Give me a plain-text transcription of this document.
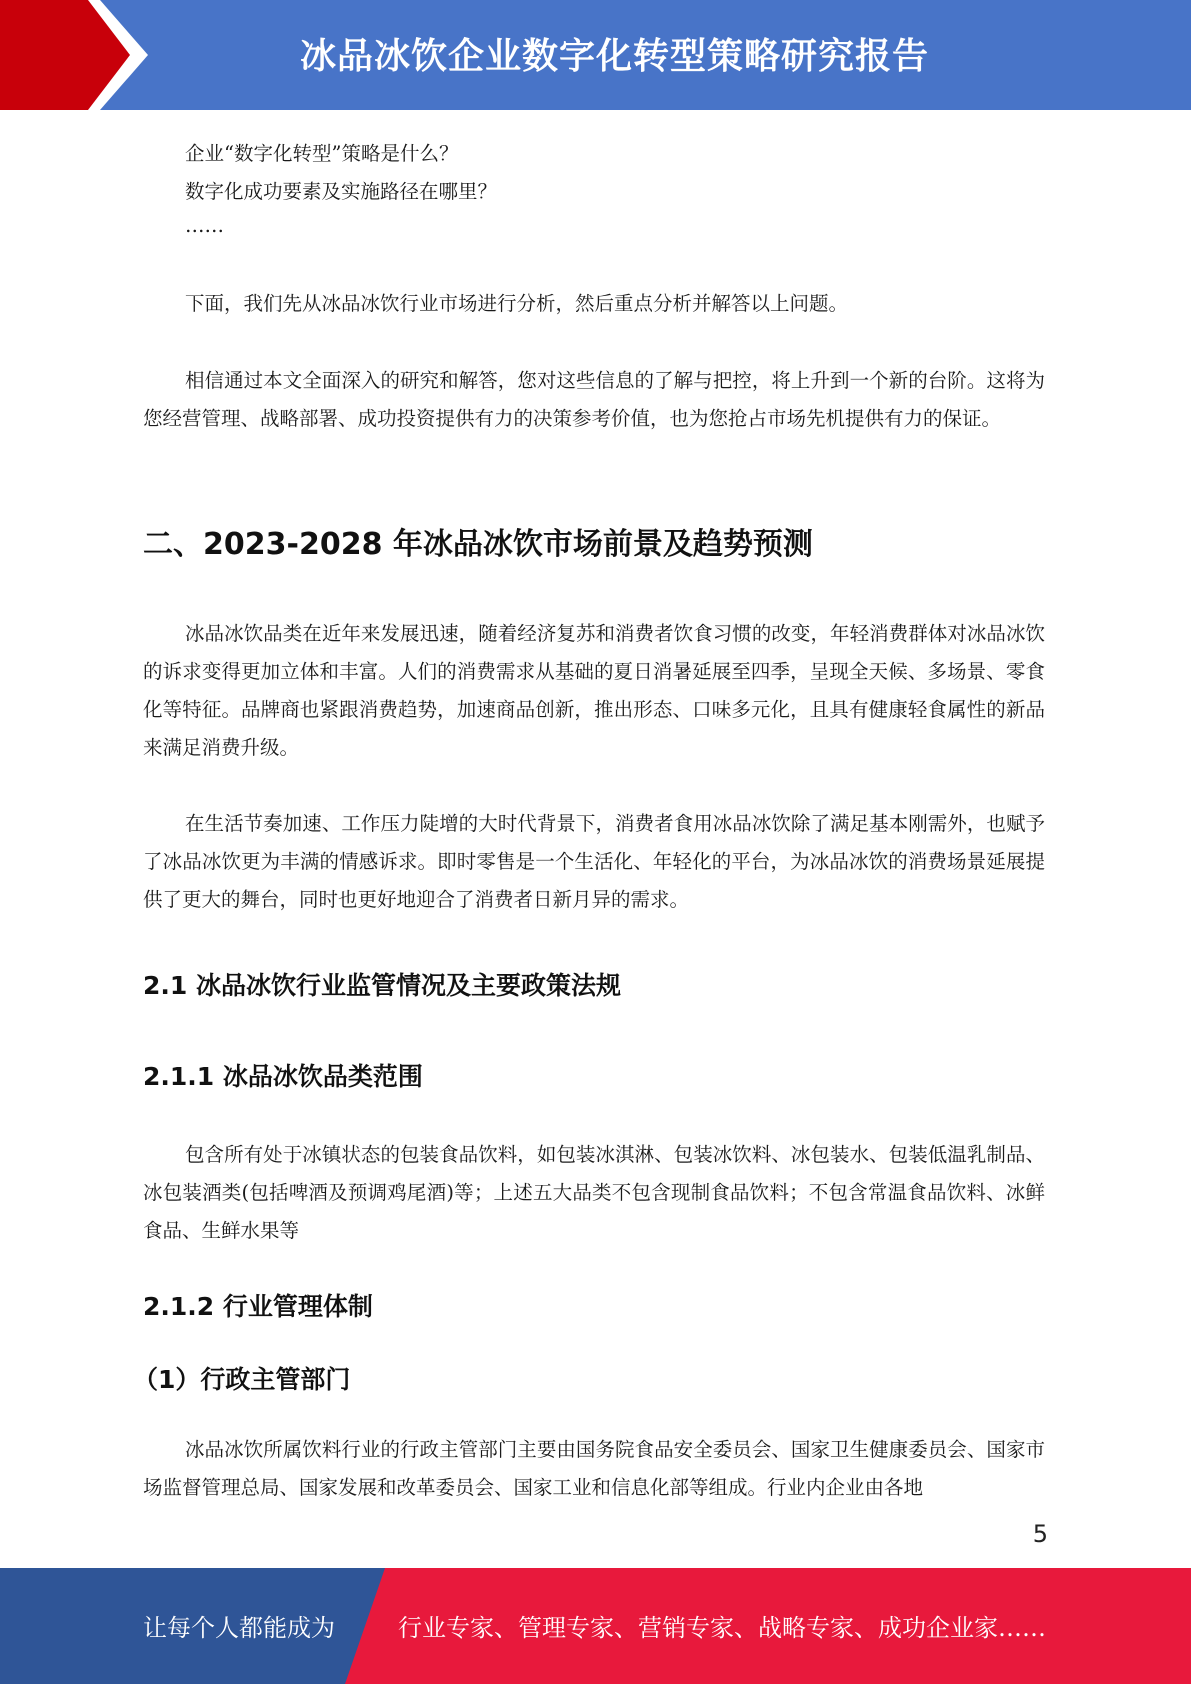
冰品冰饮企业数字化转型策略研究报告

企业“数字化转型”策略是什么？

数字化成功要素及实施路径在哪里？

……

下面，我们先从冰品冰饮行业市场进行分析，然后重点分析并解答以上问题。

相信通过本文全面深入的研究和解答，您对这些信息的了解与把控，将上升到一个新的台阶。这将为您经营管理、战略部署、成功投资提供有力的决策参考价值，也为您抢占市场先机提供有力的保证。

二、2023-2028 年冰品冰饮市场前景及趋势预测

冰品冰饮品类在近年来发展迅速，随着经济复苏和消费者饮食习惯的改变，年轻消费群体对冰品冰饮的诉求变得更加立体和丰富。人们的消费需求从基础的夏日消暑延展至四季，呈现全天候、多场景、零食化等特征。品牌商也紧跟消费趋势，加速商品创新，推出形态、口味多元化，且具有健康轻食属性的新品来满足消费升级。

在生活节奏加速、工作压力陡增的大时代背景下，消费者食用冰品冰饮除了满足基本刚需外，也赋予了冰品冰饮更为丰满的情感诉求。即时零售是一个生活化、年轻化的平台，为冰品冰饮的消费场景延展提供了更大的舞台，同时也更好地迎合了消费者日新月异的需求。

2.1 冰品冰饮行业监管情况及主要政策法规
2.1.1 冰品冰饮品类范围

包含所有处于冰镇状态的包装食品饮料，如包装冰淇淋、包装冰饮料、冰包装水、包装低温乳制品、冰包装酒类(包括啤酒及预调鸡尾酒)等；上述五大品类不包含现制食品饮料；不包含常温食品饮料、冰鲜食品、生鲜水果等

2.1.2 行业管理体制
（1）行政主管部门

冰品冰饮所属饮料行业的行政主管部门主要由国务院食品安全委员会、国家卫生健康委员会、国家市场监督管理总局、国家发展和改革委员会、国家工业和信息化部等组成。行业内企业由各地

5
让每个人都能成为	行业专家、管理专家、营销专家、战略专家、成功企业家……
